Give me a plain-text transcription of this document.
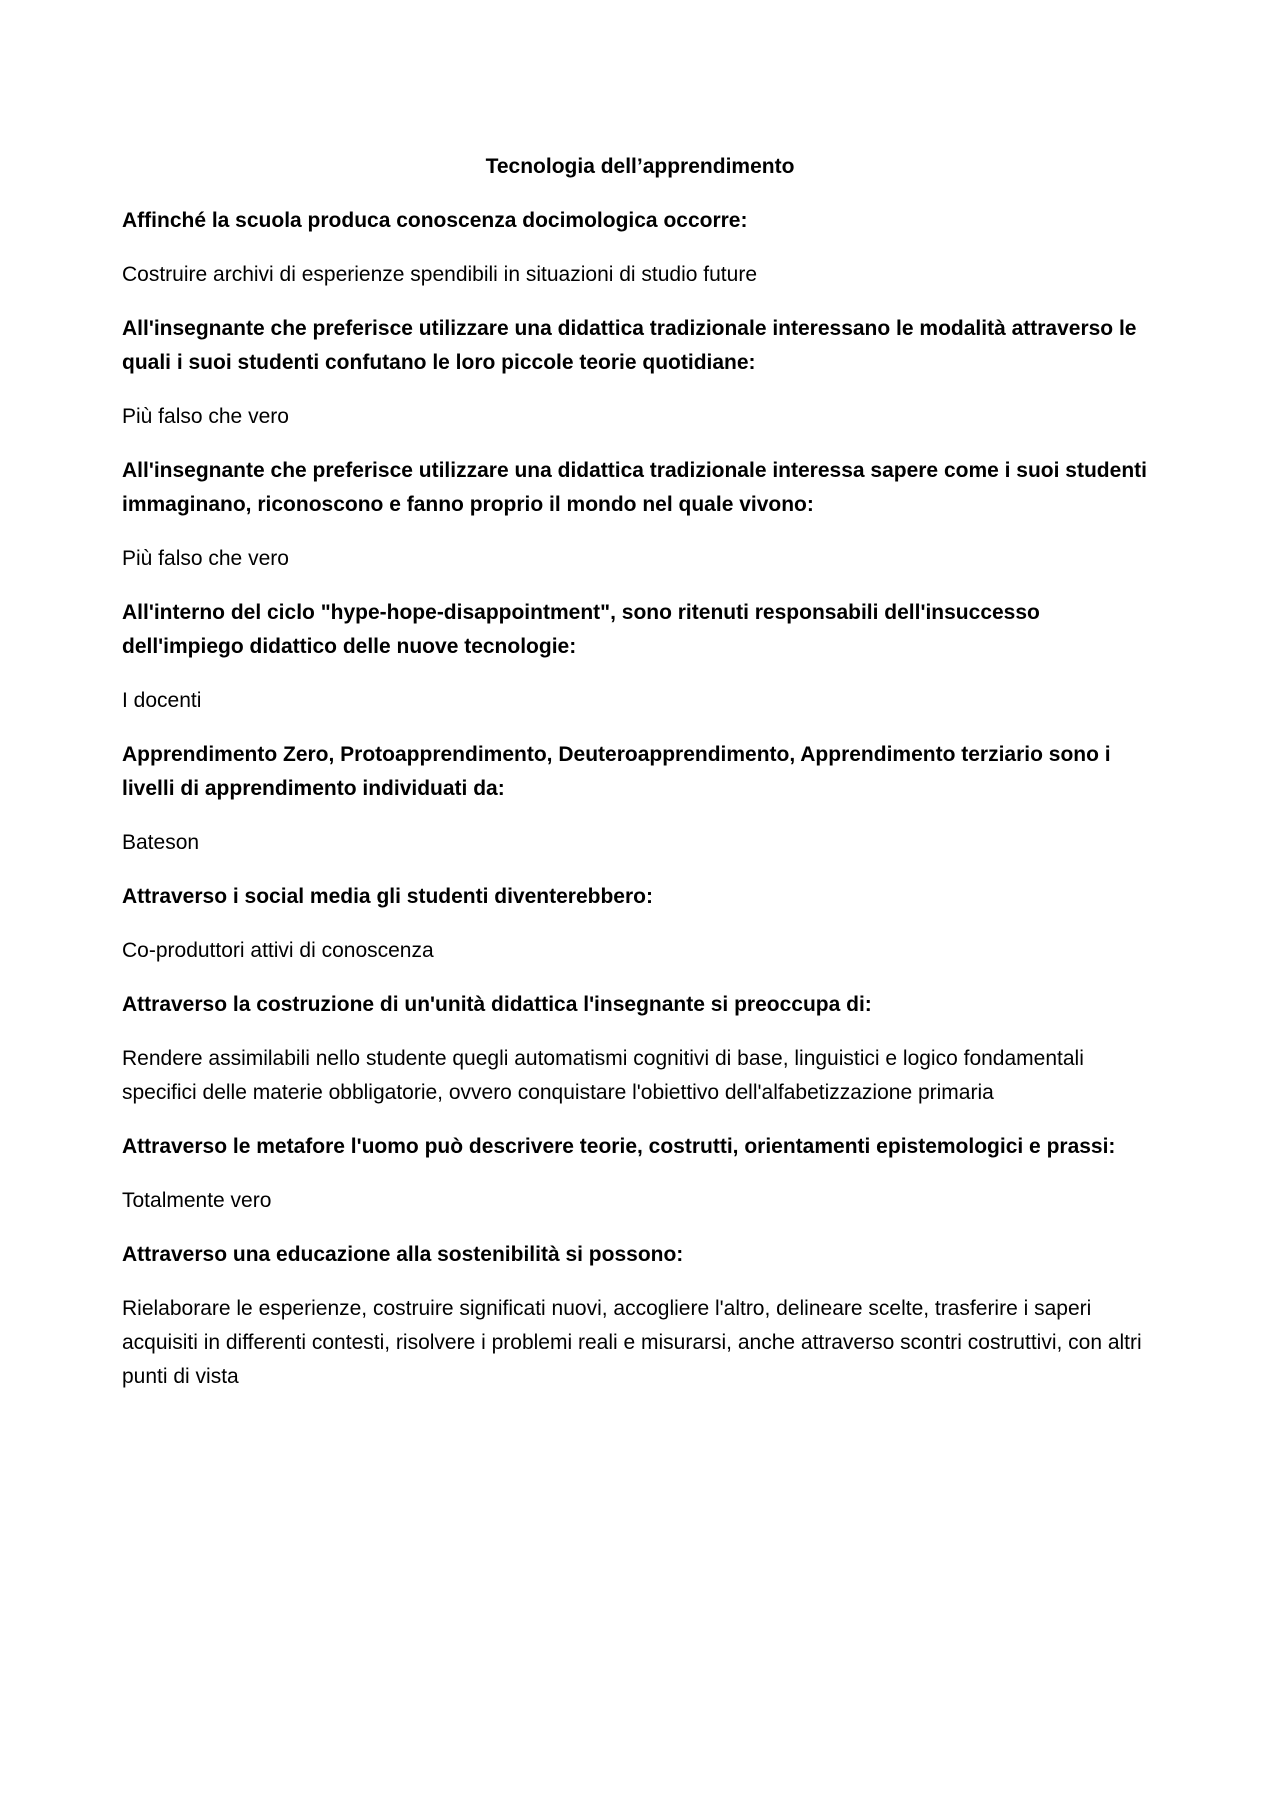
Tecnologia dell’apprendimento

Affinché la scuola produca conoscenza docimologica occorre:

Costruire archivi di esperienze spendibili in situazioni di studio future

All'insegnante che preferisce utilizzare una didattica tradizionale interessano le modalità attraverso le quali i suoi studenti confutano le loro piccole teorie quotidiane:

Più falso che vero

All'insegnante che preferisce utilizzare una didattica tradizionale interessa sapere come i suoi studenti immaginano, riconoscono e fanno proprio il mondo nel quale vivono:

Più falso che vero

All'interno del ciclo "hype-hope-disappointment", sono ritenuti responsabili dell'insuccesso dell'impiego didattico delle nuove tecnologie:

I docenti

Apprendimento Zero, Protoapprendimento, Deuteroapprendimento, Apprendimento terziario sono i livelli di apprendimento individuati da:

Bateson

Attraverso i social media gli studenti diventerebbero:

Co-produttori attivi di conoscenza

Attraverso la costruzione di un'unità didattica l'insegnante si preoccupa di:

Rendere assimilabili nello studente quegli automatismi cognitivi di base, linguistici e logico fondamentali specifici delle materie obbligatorie, ovvero conquistare l'obiettivo dell'alfabetizzazione primaria

Attraverso le metafore l'uomo può descrivere teorie, costrutti, orientamenti epistemologici e prassi:

Totalmente vero

Attraverso una educazione alla sostenibilità si possono:

Rielaborare le esperienze, costruire significati nuovi, accogliere l'altro, delineare scelte, trasferire i saperi acquisiti in differenti contesti, risolvere i problemi reali e misurarsi, anche attraverso scontri costruttivi, con altri punti di vista
